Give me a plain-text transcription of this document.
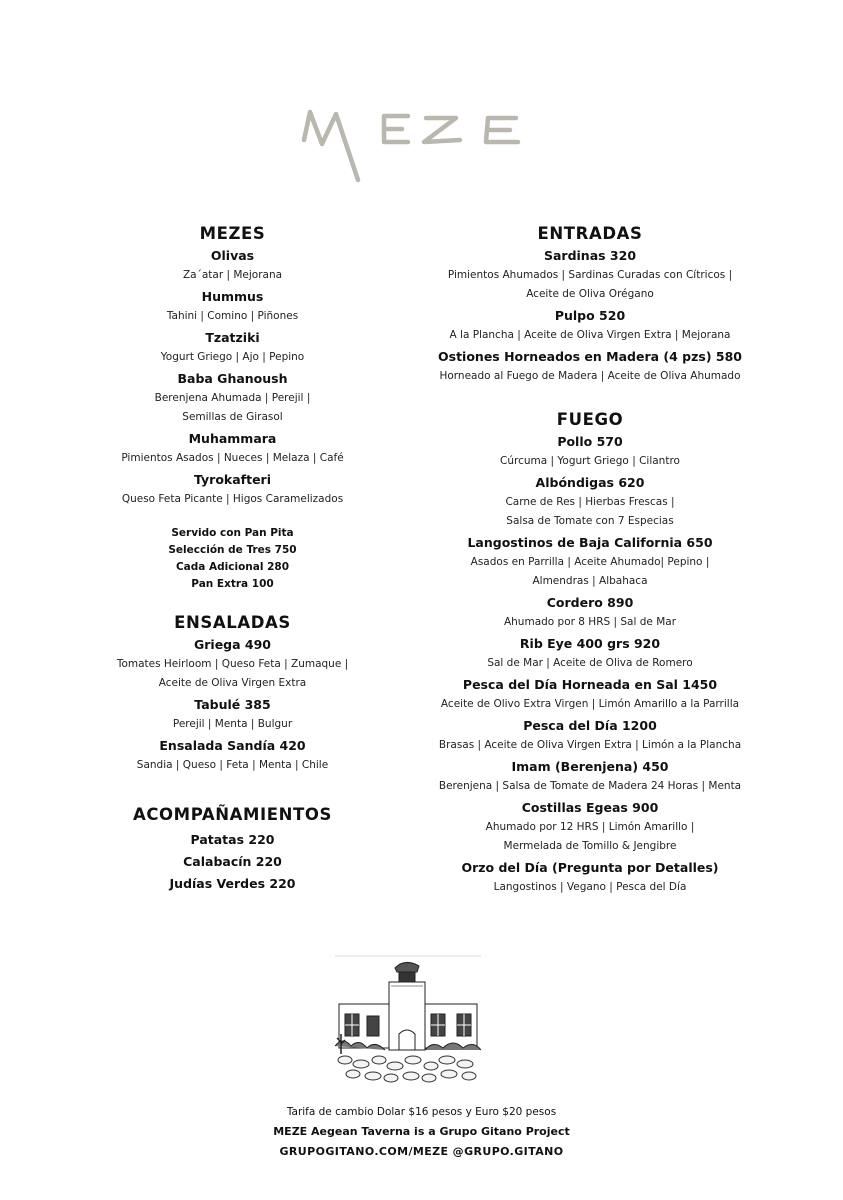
MEZES
Olivas
Za´atar | Mejorana
Hummus
Tahini | Comino | Piñones
Tzatziki
Yogurt Griego | Ajo | Pepino
Baba Ghanoush
Berenjena Ahumada | Perejil |
Semillas de Girasol
Muhammara
Pimientos Asados | Nueces | Melaza | Café
Tyrokafteri
Queso Feta Picante | Higos Caramelizados
Servido con Pan Pita
Selección de Tres 750
Cada Adicional 280
Pan Extra 100
ENSALADAS
Griega 490
Tomates Heirloom | Queso Feta | Zumaque |
Aceite de Oliva Virgen Extra
Tabulé 385
Perejil | Menta | Bulgur
Ensalada Sandía 420
Sandia | Queso | Feta | Menta | Chile
ACOMPAÑAMIENTOS
Patatas 220
Calabacín 220
Judías Verdes 220
ENTRADAS
Sardinas 320
Pimientos Ahumados | Sardinas Curadas con Cítricos |
Aceite de Oliva Orégano
Pulpo 520
A la Plancha | Aceite de Oliva Virgen Extra | Mejorana
Ostiones Horneados en Madera (4 pzs) 580
Horneado al Fuego de Madera | Aceite de Oliva Ahumado
FUEGO
Pollo 570
Cúrcuma | Yogurt Griego | Cilantro
Albóndigas 620
Carne de Res | Hierbas Frescas |
Salsa de Tomate con 7 Especias
Langostinos de Baja California 650
Asados en Parrilla | Aceite Ahumado| Pepino |
Almendras | Albahaca
Cordero 890
Ahumado por 8 HRS | Sal de Mar
Rib Eye 400 grs 920
Sal de Mar | Aceite de Oliva de Romero
Pesca del Día Horneada en Sal 1450
Aceite de Olivo Extra Virgen | Limón Amarillo a la Parrilla
Pesca del Día 1200
Brasas | Aceite de Oliva Virgen Extra | Limón a la Plancha
Imam (Berenjena) 450
Berenjena | Salsa de Tomate de Madera 24 Horas | Menta
Costillas Egeas 900
Ahumado por 12 HRS | Limón Amarillo |
Mermelada de Tomillo & Jengibre
Orzo del Día (Pregunta por Detalles)
Langostinos | Vegano | Pesca del Día
Tarifa de cambio Dolar $16 pesos y Euro $20 pesos
MEZE Aegean Taverna is a Grupo Gitano Project
GRUPOGITANO.COM/MEZE @GRUPO.GITANO
